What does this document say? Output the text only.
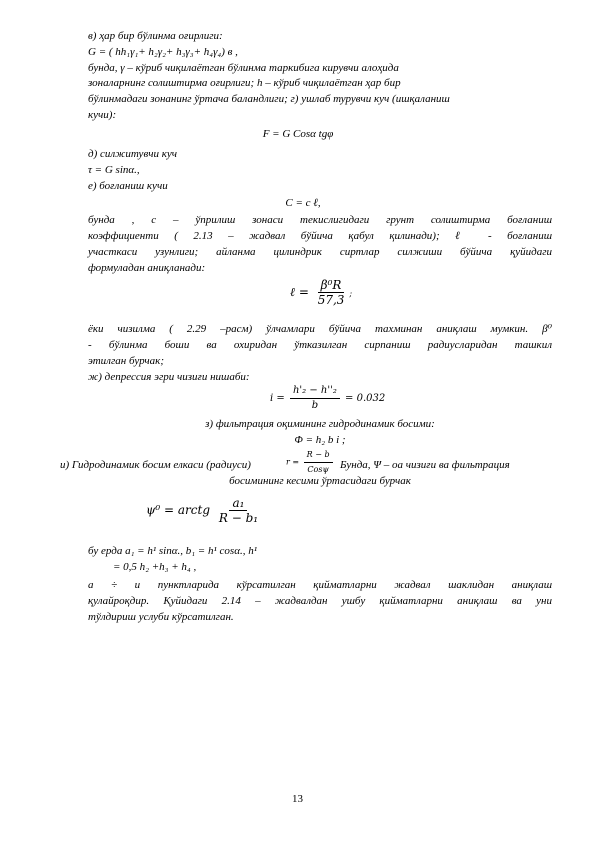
в) ҳар бир бўлинма оғирлиги:
G = ( hh₁γ₁+ h₂γ₂+ h₃γ₃+ h₄γ₄) в ,
бунда, γ – кўриб чиқилаётган бўлинма таркибига кирувчи алоҳида
зоналарнинг солиштирма оғирлиги; h – кўриб чиқилаётган ҳар бир
бўлинмадаги зонанинг ўртача баландлиги; г) ушлаб турувчи куч (ишқаланиш
кучи):
F = G Cosα tgφ
д) силжитувчи куч
τ = G sinα.,
е) боғланиш кучи
C = c ℓ,
бунда , с – ўприлиш зонаси текислигидаги грунт солиштирма боғланиш
коэффициенти ( 2.13 – жадвал бўйича қабул қилинади); ℓ - боғланиш
участкаси узунлиги; айланма цилиндрик сиртлар силжиши бўйича қуйидаги
формуладан аниқланади:
ℓ = $\frac{\text{β⁰R}}{57,3}$ ;
ёки чизилма ( 2.29 –расм) ўлчамлари бўйича тахминан аниқлаш мумкин. β⁰
- бўлинма боши ва охиридан ўтказилган сирпаниш радиусларидан ташкил
этилган бурчак;
ж) депрессия эгри чизиғи нишаби:
$i = \frac{\text{h'₂ − h''₂}}{b} = 0.032$
з) фильтрация оқимининг гидродинамик босими:
Φ = h₂ b i ;
и) Гидродинамик босим елкаси (радиуси)	$r = \frac{R - b}{\text{Cosψ}}$ Бунда, Ψ – оа чизиғи ва фильтрация
босимининг кесими ўртасидаги бурчак
ψ⁰ = arctg $\frac{\text{a₁}}{\text{R − b₁}}$
бу ерда a₁ = h¹ sinα., b₁ = h¹ cosα., h¹
= 0,5 h₂ +h₃ + h₄ ,
а ÷ и пунктларида кўрсатилган қийматларни жадвал шаклидан аниқлаш
қулайроқдир. Қуйидаги 2.14 – жадвалдан ушбу қийматларни аниқлаш ва уни
тўлдириш услуби кўрсатилган.
13
